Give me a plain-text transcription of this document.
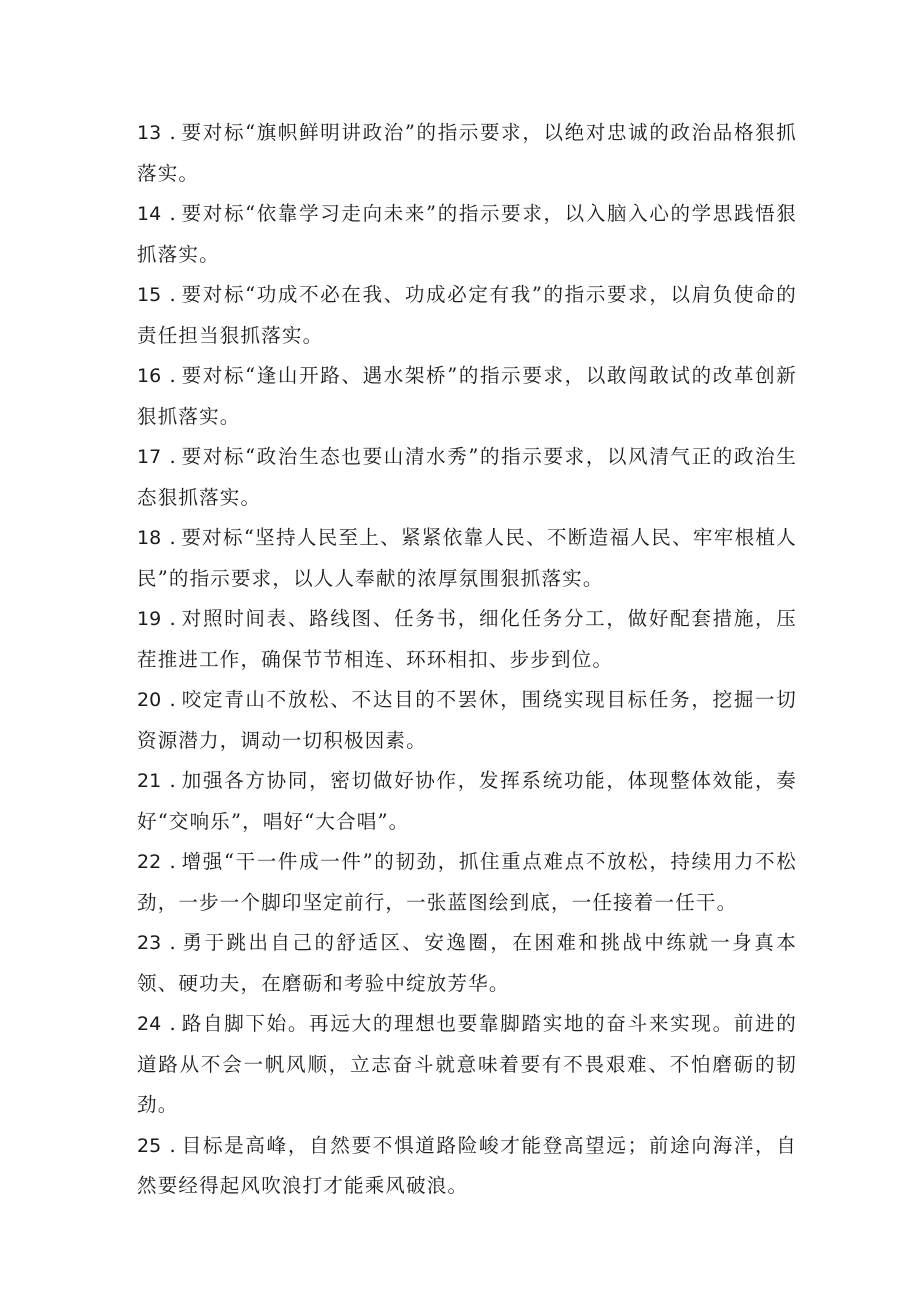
13 . 要对标“旗帜鲜明讲政治”的指示要求，以绝对忠诚的政治品格狠抓落实。

14 . 要对标“依靠学习走向未来”的指示要求，以入脑入心的学思践悟狠抓落实。

15 . 要对标“功成不必在我、功成必定有我”的指示要求，以肩负使命的责任担当狠抓落实。

16 . 要对标“逢山开路、遇水架桥”的指示要求，以敢闯敢试的改革创新狠抓落实。

17 . 要对标“政治生态也要山清水秀”的指示要求，以风清气正的政治生态狠抓落实。

18 . 要对标“坚持人民至上、紧紧依靠人民、不断造福人民、牢牢根植人民”的指示要求，以人人奉献的浓厚氛围狠抓落实。

19 . 对照时间表、路线图、任务书，细化任务分工，做好配套措施，压茬推进工作，确保节节相连、环环相扣、步步到位。

20 . 咬定青山不放松、不达目的不罢休，围绕实现目标任务，挖掘一切资源潜力，调动一切积极因素。

21 . 加强各方协同，密切做好协作，发挥系统功能，体现整体效能，奏好“交响乐”，唱好“大合唱”。

22 . 增强“干一件成一件”的韧劲，抓住重点难点不放松，持续用力不松劲，一步一个脚印坚定前行，一张蓝图绘到底，一任接着一任干。

23 . 勇于跳出自己的舒适区、安逸圈，在困难和挑战中练就一身真本领、硬功夫，在磨砺和考验中绽放芳华。

24 . 路自脚下始。再远大的理想也要靠脚踏实地的奋斗来实现。前进的道路从不会一帆风顺，立志奋斗就意味着要有不畏艰难、不怕磨砺的韧劲。

25 . 目标是高峰，自然要不惧道路险峻才能登高望远；前途向海洋，自然要经得起风吹浪打才能乘风破浪。
